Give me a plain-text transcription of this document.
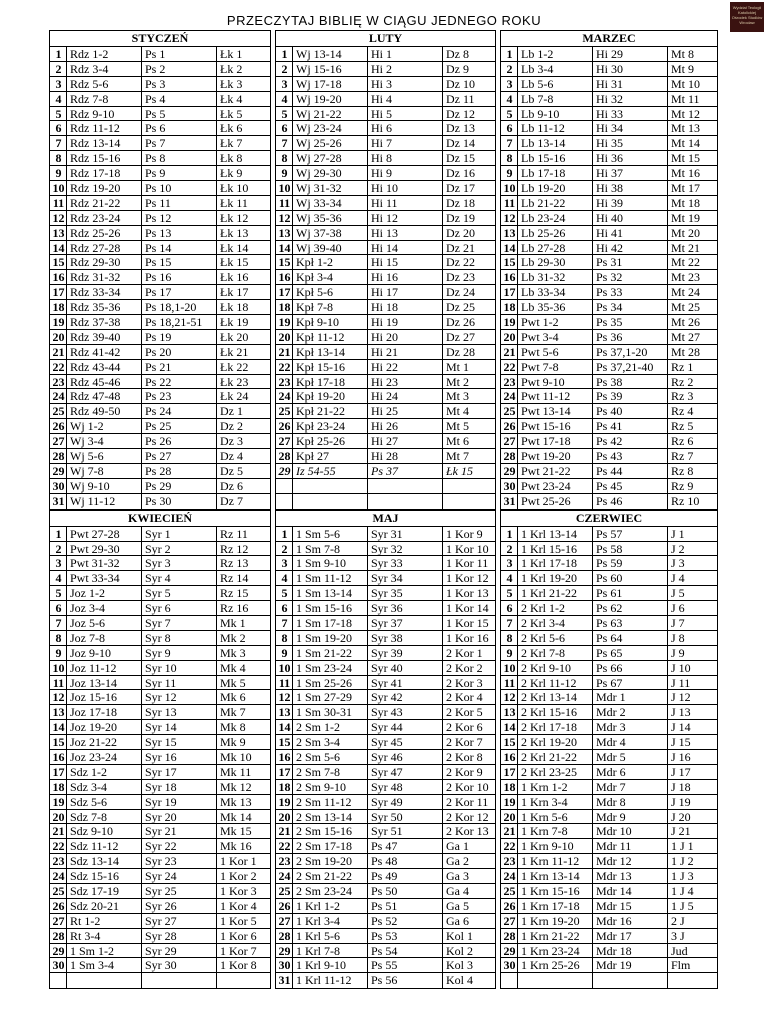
PRZECZYTAJ BIBLIĘ W CIĄGU JEDNEGO ROKU
Wydział Teologii Katolickiej Ośrodek Studiów Wrocław
STYCZEŃ
1 Rdz 1-2	Ps 1	Łk 1
2 Rdz 3-4	Ps 2	Łk 2
3 Rdz 5-6	Ps 3	Łk 3
4 Rdz 7-8	Ps 4	Łk 4
5 Rdz 9-10	Ps 5	Łk 5
6 Rdz 11-12	Ps 6	Łk 6
7 Rdz 13-14	Ps 7	Łk 7
8 Rdz 15-16	Ps 8	Łk 8
9 Rdz 17-18	Ps 9	Łk 9
10 Rdz 19-20	Ps 10	Łk 10
11 Rdz 21-22	Ps 11	Łk 11
12 Rdz 23-24	Ps 12	Łk 12
13 Rdz 25-26	Ps 13	Łk 13
14 Rdz 27-28	Ps 14	Łk 14
15 Rdz 29-30	Ps 15	Łk 15
16 Rdz 31-32	Ps 16	Łk 16
17 Rdz 33-34	Ps 17	Łk 17
18 Rdz 35-36	Ps 18,1-20	Łk 18
19 Rdz 37-38	Ps 18,21-51	Łk 19
20 Rdz 39-40	Ps 19	Łk 20
21 Rdz 41-42	Ps 20	Łk 21
22 Rdz 43-44	Ps 21	Łk 22
23 Rdz 45-46	Ps 22	Łk 23
24 Rdz 47-48	Ps 23	Łk 24
25 Rdz 49-50	Ps 24	Dz 1
26 Wj 1-2	Ps 25	Dz 2
27 Wj 3-4	Ps 26	Dz 3
28 Wj 5-6	Ps 27	Dz 4
29 Wj 7-8	Ps 28	Dz 5
30 Wj 9-10	Ps 29	Dz 6
31 Wj 11-12	Ps 30	Dz 7
LUTY
1 Wj 13-14	Hi 1	Dz 8
2 Wj 15-16	Hi 2	Dz 9
3 Wj 17-18	Hi 3	Dz 10
4 Wj 19-20	Hi 4	Dz 11
5 Wj 21-22	Hi 5	Dz 12
6 Wj 23-24	Hi 6	Dz 13
7 Wj 25-26	Hi 7	Dz 14
8 Wj 27-28	Hi 8	Dz 15
9 Wj 29-30	Hi 9	Dz 16
10 Wj 31-32	Hi 10	Dz 17
11 Wj 33-34	Hi 11	Dz 18
12 Wj 35-36	Hi 12	Dz 19
13 Wj 37-38	Hi 13	Dz 20
14 Wj 39-40	Hi 14	Dz 21
15 Kpł 1-2	Hi 15	Dz 22
16 Kpł 3-4	Hi 16	Dz 23
17 Kpł 5-6	Hi 17	Dz 24
18 Kpł 7-8	Hi 18	Dz 25
19 Kpł 9-10	Hi 19	Dz 26
20 Kpł 11-12	Hi 20	Dz 27
21 Kpł 13-14	Hi 21	Dz 28
22 Kpł 15-16	Hi 22	Mt 1
23 Kpł 17-18	Hi 23	Mt 2
24 Kpł 19-20	Hi 24	Mt 3
25 Kpł 21-22	Hi 25	Mt 4
26 Kpł 23-24	Hi 26	Mt 5
27 Kpł 25-26	Hi 27	Mt 6
28 Kpł 27	Hi 28	Mt 7
29 Iz 54-55	Ps 37	Łk 15
MARZEC
1 Lb 1-2	Hi 29	Mt 8
2 Lb 3-4	Hi 30	Mt 9
3 Lb 5-6	Hi 31	Mt 10
4 Lb 7-8	Hi 32	Mt 11
5 Lb 9-10	Hi 33	Mt 12
6 Lb 11-12	Hi 34	Mt 13
7 Lb 13-14	Hi 35	Mt 14
8 Lb 15-16	Hi 36	Mt 15
9 Lb 17-18	Hi 37	Mt 16
10 Lb 19-20	Hi 38	Mt 17
11 Lb 21-22	Hi 39	Mt 18
12 Lb 23-24	Hi 40	Mt 19
13 Lb 25-26	Hi 41	Mt 20
14 Lb 27-28	Hi 42	Mt 21
15 Lb 29-30	Ps 31	Mt 22
16 Lb 31-32	Ps 32	Mt 23
17 Lb 33-34	Ps 33	Mt 24
18 Lb 35-36	Ps 34	Mt 25
19 Pwt 1-2	Ps 35	Mt 26
20 Pwt 3-4	Ps 36	Mt 27
21 Pwt 5-6	Ps 37,1-20	Mt 28
22 Pwt 7-8	Ps 37,21-40	Rz 1
23 Pwt 9-10	Ps 38	Rz 2
24 Pwt 11-12	Ps 39	Rz 3
25 Pwt 13-14	Ps 40	Rz 4
26 Pwt 15-16	Ps 41	Rz 5
27 Pwt 17-18	Ps 42	Rz 6
28 Pwt 19-20	Ps 43	Rz 7
29 Pwt 21-22	Ps 44	Rz 8
30 Pwt 23-24	Ps 45	Rz 9
31 Pwt 25-26	Ps 46	Rz 10
KWIECIEŃ
1 Pwt 27-28	Syr 1	Rz 11
2 Pwt 29-30	Syr 2	Rz 12
3 Pwt 31-32	Syr 3	Rz 13
4 Pwt 33-34	Syr 4	Rz 14
5 Joz 1-2	Syr 5	Rz 15
6 Joz 3-4	Syr 6	Rz 16
7 Joz 5-6	Syr 7	Mk 1
8 Joz 7-8	Syr 8	Mk 2
9 Joz 9-10	Syr 9	Mk 3
10 Joz 11-12	Syr 10	Mk 4
11 Joz 13-14	Syr 11	Mk 5
12 Joz 15-16	Syr 12	Mk 6
13 Joz 17-18	Syr 13	Mk 7
14 Joz 19-20	Syr 14	Mk 8
15 Joz 21-22	Syr 15	Mk 9
16 Joz 23-24	Syr 16	Mk 10
17 Sdz 1-2	Syr 17	Mk 11
18 Sdz 3-4	Syr 18	Mk 12
19 Sdz 5-6	Syr 19	Mk 13
20 Sdz 7-8	Syr 20	Mk 14
21 Sdz 9-10	Syr 21	Mk 15
22 Sdz 11-12	Syr 22	Mk 16
23 Sdz 13-14	Syr 23	1 Kor 1
24 Sdz 15-16	Syr 24	1 Kor 2
25 Sdz 17-19	Syr 25	1 Kor 3
26 Sdz 20-21	Syr 26	1 Kor 4
27 Rt 1-2	Syr 27	1 Kor 5
28 Rt 3-4	Syr 28	1 Kor 6
29 1 Sm 1-2	Syr 29	1 Kor 7
30 1 Sm 3-4	Syr 30	1 Kor 8
MAJ
1 1 Sm 5-6	Syr 31	1 Kor 9
2 1 Sm 7-8	Syr 32	1 Kor 10
3 1 Sm 9-10	Syr 33	1 Kor 11
4 1 Sm 11-12	Syr 34	1 Kor 12
5 1 Sm 13-14	Syr 35	1 Kor 13
6 1 Sm 15-16	Syr 36	1 Kor 14
7 1 Sm 17-18	Syr 37	1 Kor 15
8 1 Sm 19-20	Syr 38	1 Kor 16
9 1 Sm 21-22	Syr 39	2 Kor 1
10 1 Sm 23-24	Syr 40	2 Kor 2
11 1 Sm 25-26	Syr 41	2 Kor 3
12 1 Sm 27-29	Syr 42	2 Kor 4
13 1 Sm 30-31	Syr 43	2 Kor 5
14 2 Sm 1-2	Syr 44	2 Kor 6
15 2 Sm 3-4	Syr 45	2 Kor 7
16 2 Sm 5-6	Syr 46	2 Kor 8
17 2 Sm 7-8	Syr 47	2 Kor 9
18 2 Sm 9-10	Syr 48	2 Kor 10
19 2 Sm 11-12	Syr 49	2 Kor 11
20 2 Sm 13-14	Syr 50	2 Kor 12
21 2 Sm 15-16	Syr 51	2 Kor 13
22 2 Sm 17-18	Ps 47	Ga 1
23 2 Sm 19-20	Ps 48	Ga 2
24 2 Sm 21-22	Ps 49	Ga 3
25 2 Sm 23-24	Ps 50	Ga 4
26 1 Krl 1-2	Ps 51	Ga 5
27 1 Krl 3-4	Ps 52	Ga 6
28 1 Krl 5-6	Ps 53	Kol 1
29 1 Krl 7-8	Ps 54	Kol 2
30 1 Krl 9-10	Ps 55	Kol 3
31 1 Krl 11-12	Ps 56	Kol 4
CZERWIEC
1 1 Krl 13-14	Ps 57	J 1
2 1 Krl 15-16	Ps 58	J 2
3 1 Krl 17-18	Ps 59	J 3
4 1 Krl 19-20	Ps 60	J 4
5 1 Krl 21-22	Ps 61	J 5
6 2 Krl 1-2	Ps 62	J 6
7 2 Krl 3-4	Ps 63	J 7
8 2 Krl 5-6	Ps 64	J 8
9 2 Krl 7-8	Ps 65	J 9
10 2 Krl 9-10	Ps 66	J 10
11 2 Krl 11-12	Ps 67	J 11
12 2 Krl 13-14	Mdr 1	J 12
13 2 Krl 15-16	Mdr 2	J 13
14 2 Krl 17-18	Mdr 3	J 14
15 2 Krl 19-20	Mdr 4	J 15
16 2 Krl 21-22	Mdr 5	J 16
17 2 Krl 23-25	Mdr 6	J 17
18 1 Krn 1-2	Mdr 7	J 18
19 1 Krn 3-4	Mdr 8	J 19
20 1 Krn 5-6	Mdr 9	J 20
21 1 Krn 7-8	Mdr 10	J 21
22 1 Krn 9-10	Mdr 11	1 J 1
23 1 Krn 11-12	Mdr 12	1 J 2
24 1 Krn 13-14	Mdr 13	1 J 3
25 1 Krn 15-16	Mdr 14	1 J 4
26 1 Krn 17-18	Mdr 15	1 J 5
27 1 Krn 19-20	Mdr 16	2 J
28 1 Krn 21-22	Mdr 17	3 J
29 1 Krn 23-24	Mdr 18	Jud
30 1 Krn 25-26	Mdr 19	Flm
